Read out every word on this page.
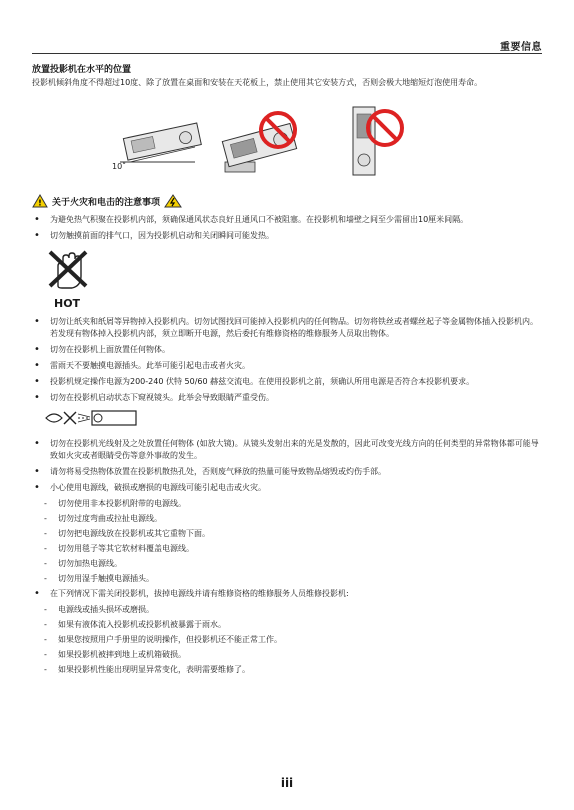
重要信息
放置投影机在水平的位置
投影机倾斜角度不得超过10度、除了放置在桌面和安装在天花板上，禁止使用其它安装方式，否则会极大地缩短灯泡使用寿命。
10˚
! 关于火灾和电击的注意事项
• 为避免热气积聚在投影机内部，须确保通风状态良好且通风口不被阻塞。在投影机和墙壁之间至少需留出10厘米间隔。
• 切勿触摸前面的排气口，因为投影机启动和关闭瞬间可能发热。
HOT
• 切勿让纸夹和纸屑等异物掉入投影机内。切勿试图找回可能掉入投影机内的任何物品。切勿将铁丝或者螺丝起子等金属物体插入投影机内。若发现有物体掉入投影机内部，须立即断开电源，然后委托有维修资格的维修服务人员取出物体。
• 切勿在投影机上面放置任何物体。
• 雷雨天不要触摸电源插头。此举可能引起电击或者火灾。
• 投影机规定操作电源为200-240 伏特 50/60 赫兹交流电。在使用投影机之前，须确认所用电源是否符合本投影机要求。
• 切勿在投影机启动状态下窥视镜头。此举会导致眼睛严重受伤。
• 切勿在投影机光线射及之处放置任何物体 (如放大镜)。从镜头发射出来的光是发散的，因此可改变光线方向的任何类型的异常物体都可能导致如火灾或者眼睛受伤等意外事故的发生。
• 请勿将易受热物体放置在投影机散热孔处，否则废气释放的热量可能导致物品熔毁或灼伤手部。
• 小心使用电源线，破损或磨损的电源线可能引起电击或火灾。
- 切勿使用非本投影机附带的电源线。
- 切勿过度弯曲或拉扯电源线。
- 切勿把电源线放在投影机或其它重物下面。
- 切勿用毯子等其它软材料覆盖电源线。
- 切勿加热电源线。
- 切勿用湿手触摸电源插头。
• 在下列情况下需关闭投影机，拔掉电源线并请有维修资格的维修服务人员维修投影机:
- 电源线或插头损坏或磨损。
- 如果有液体流入投影机或投影机被暴露于雨水。
- 如果您按照用户手册里的说明操作，但投影机还不能正常工作。
- 如果投影机被摔到地上或机箱破损。
- 如果投影机性能出现明显异常变化，表明需要维修了。
iii
